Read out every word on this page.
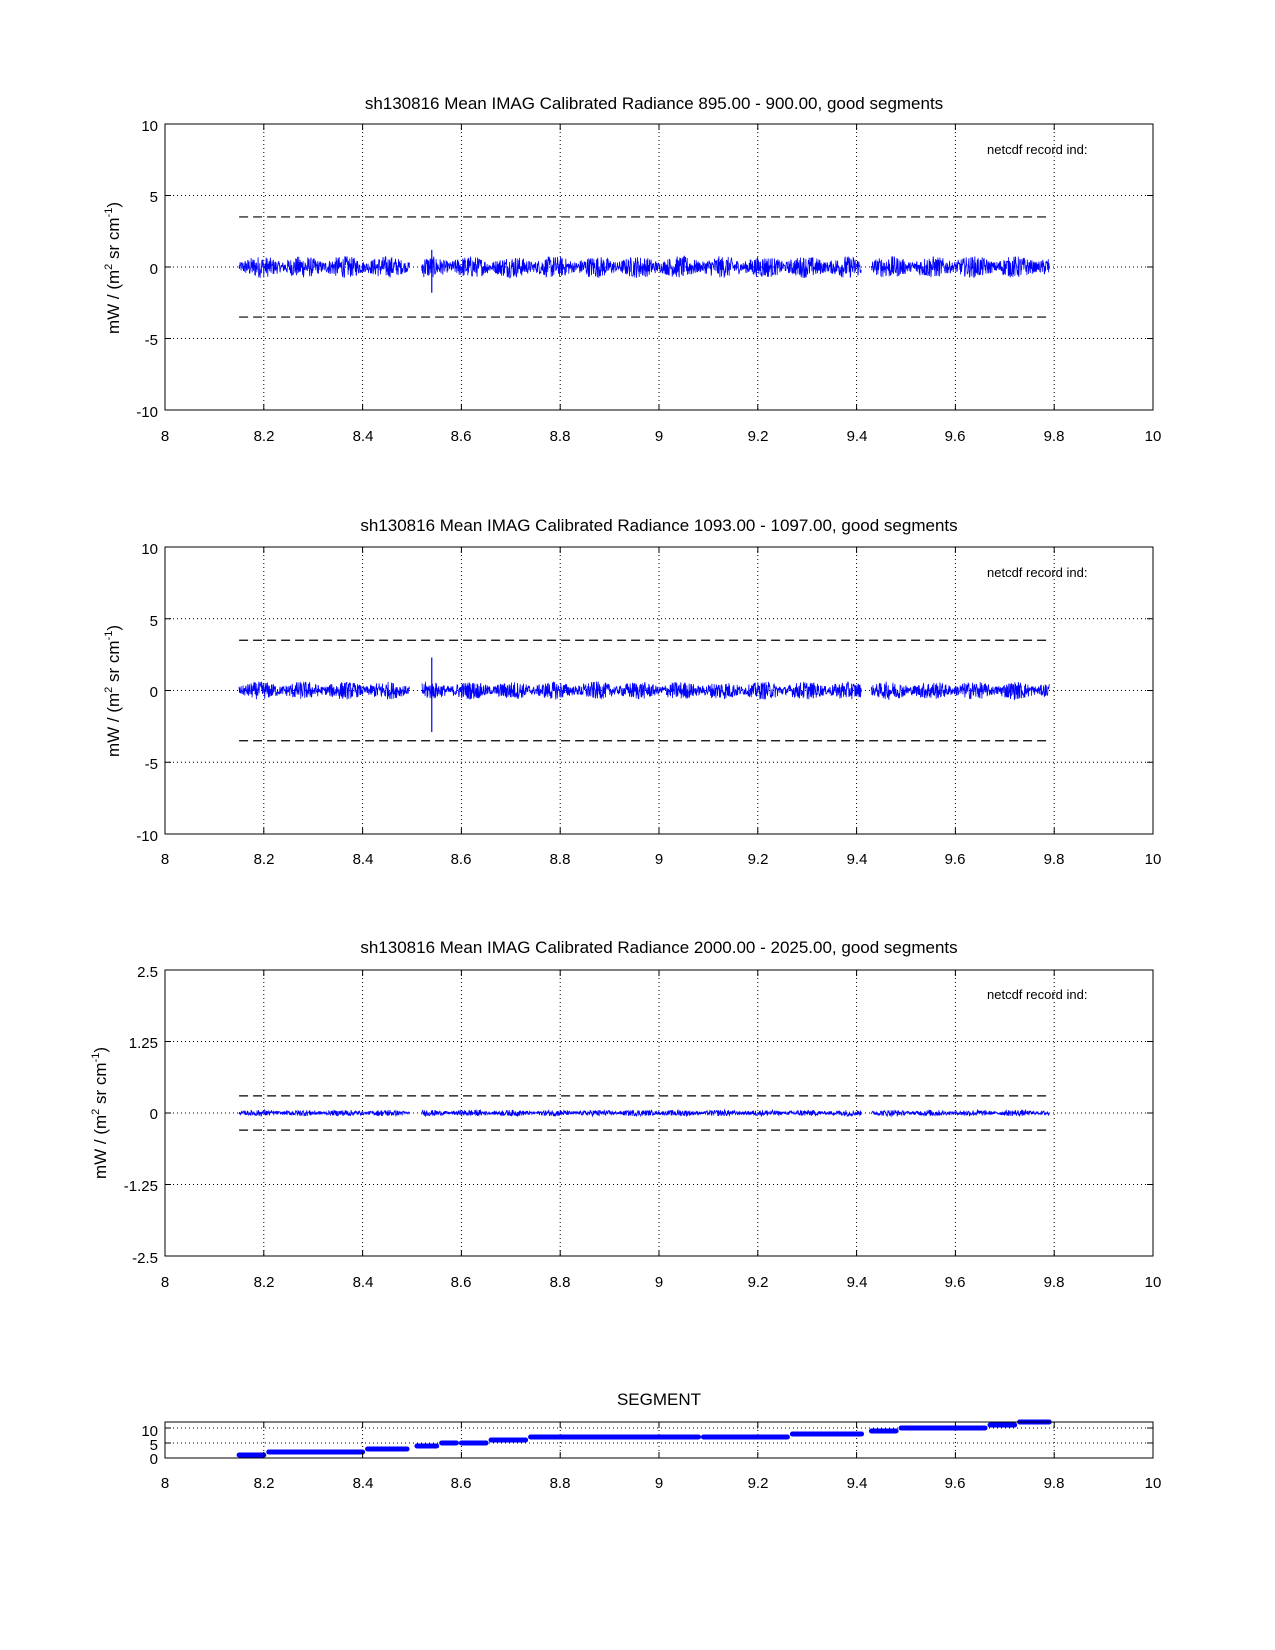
sh130816 Mean IMAG Calibrated Radiance 895.00 - 900.00, good segments
mW / ($m^2$ sr $cm^{-1}$)
10
5
0
-5
-10
8	8.2	8.4	8.6	8.8	9	9.2	9.4	9.6	9.8	10
netcdf record ind:
sh130816 Mean IMAG Calibrated Radiance 1093.00 - 1097.00, good segments
mW / ($m^2$ sr $cm^{-1}$)
10
5
0
-5
-10
8	8.2	8.4	8.6	8.8	9	9.2	9.4	9.6	9.8	10
netcdf record ind:
sh130816 Mean IMAG Calibrated Radiance 2000.00 - 2025.00, good segments
mW / ($m^2$ sr $cm^{-1}$)
2.5
1.25
0
-1.25
-2.5
8	8.2	8.4	8.6	8.8	9	9.2	9.4	9.6	9.8	10
netcdf record ind:
SEGMENT
10
5
0
8	8.2	8.4	8.6	8.8	9	9.2	9.4	9.6	9.8	10
